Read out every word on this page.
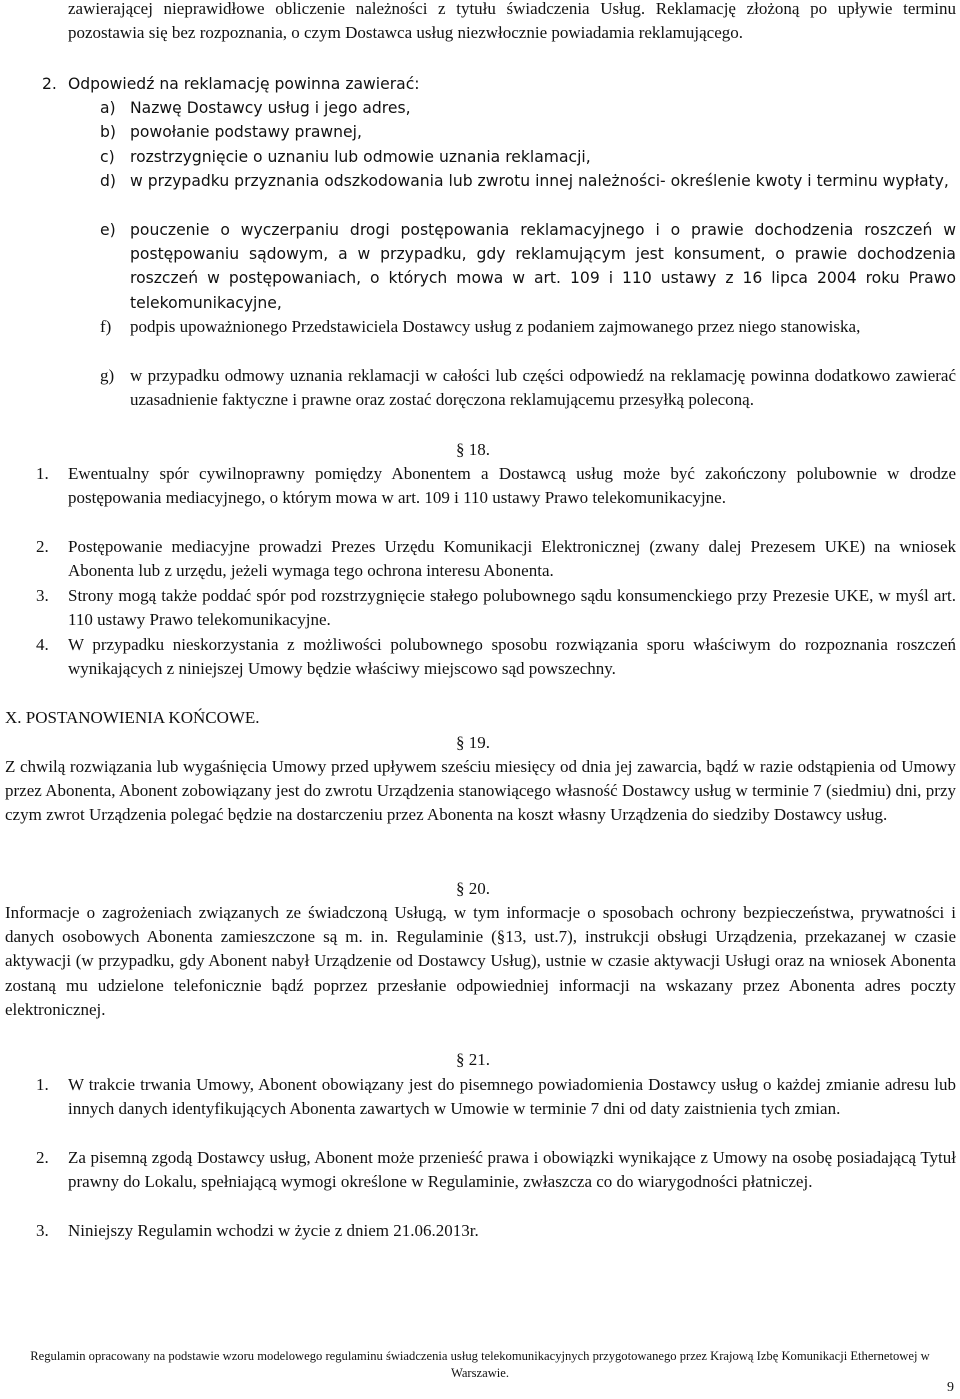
zawierającej nieprawidłowe obliczenie należności z tytułu świadczenia Usług. Reklamację złożoną po upływie terminu pozostawia się bez rozpoznania, o czym Dostawca usług niezwłocznie powiadamia reklamującego.

2. Odpowiedź na reklamację powinna zawierać:

a) Nazwę Dostawcy usług i jego adres,

b) powołanie podstawy prawnej,

c) rozstrzygnięcie o uznaniu lub odmowie uznania reklamacji,

d) w przypadku przyznania odszkodowania lub zwrotu innej należności- określenie kwoty i terminu wypłaty,

e) pouczenie o wyczerpaniu drogi postępowania reklamacyjnego i o prawie dochodzenia roszczeń w postępowaniu sądowym, a w przypadku, gdy reklamującym jest konsument, o prawie dochodzenia roszczeń w postępowaniach, o których mowa w art. 109 i 110 ustawy z 16 lipca 2004 roku Prawo telekomunikacyjne,

f) podpis upoważnionego Przedstawiciela Dostawcy usług z podaniem zajmowanego przez niego stanowiska,

g) w przypadku odmowy uznania reklamacji w całości lub części odpowiedź na reklamację powinna dodatkowo zawierać uzasadnienie faktyczne i prawne oraz zostać doręczona reklamującemu przesyłką poleconą.

§ 18.
1. Ewentualny spór cywilnoprawny pomiędzy Abonentem a Dostawcą usług może być zakończony polubownie w drodze postępowania mediacyjnego, o którym mowa w art. 109 i 110 ustawy Prawo telekomunikacyjne.

2. Postępowanie mediacyjne prowadzi Prezes Urzędu Komunikacji Elektronicznej (zwany dalej Prezesem UKE) na wniosek Abonenta lub z urzędu, jeżeli wymaga tego ochrona interesu Abonenta.

3. Strony mogą także poddać spór pod rozstrzygnięcie stałego polubownego sądu konsumenckiego przy Prezesie UKE, w myśl art. 110 ustawy Prawo telekomunikacyjne.

4. W przypadku nieskorzystania z możliwości polubownego sposobu rozwiązania sporu właściwym do rozpoznania roszczeń wynikających z niniejszej Umowy będzie właściwy miejscowo sąd powszechny.

X. POSTANOWIENIA KOŃCOWE.
§ 19.

Z chwilą rozwiązania lub wygaśnięcia Umowy przed upływem sześciu miesięcy od dnia jej zawarcia, bądź w razie odstąpienia od Umowy przez Abonenta, Abonent zobowiązany jest do zwrotu Urządzenia stanowiącego własność Dostawcy usług w terminie 7 (siedmiu) dni, przy czym zwrot Urządzenia polegać będzie na dostarczeniu przez Abonenta na koszt własny Urządzenia do siedziby Dostawcy usług.

§ 20.

Informacje o zagrożeniach związanych ze świadczoną Usługą, w tym informacje o sposobach ochrony bezpieczeństwa, prywatności i danych osobowych Abonenta zamieszczone są m. in. Regulaminie (§13, ust.7), instrukcji obsługi Urządzenia, przekazanej w czasie aktywacji (w przypadku, gdy Abonent nabył Urządzenie od Dostawcy Usług), ustnie w czasie aktywacji Usługi oraz na wniosek Abonenta zostaną mu udzielone telefonicznie bądź poprzez przesłanie odpowiedniej informacji na wskazany przez Abonenta adres poczty elektronicznej.

§ 21.
1. W trakcie trwania Umowy, Abonent obowiązany jest do pisemnego powiadomienia Dostawcy usług o każdej zmianie adresu lub innych danych identyfikujących Abonenta zawartych w Umowie w terminie 7 dni od daty zaistnienia tych zmian.

2. Za pisemną zgodą Dostawcy usług, Abonent może przenieść prawa i obowiązki wynikające z Umowy na osobę posiadającą Tytuł prawny do Lokalu, spełniającą wymogi określone w Regulaminie, zwłaszcza co do wiarygodności płatniczej.

3. Niniejszy Regulamin wchodzi w życie z dniem 21.06.2013r.

Regulamin opracowany na podstawie wzoru modelowego regulaminu świadczenia usług telekomunikacyjnych przygotowanego przez Krajową Izbę Komunikacji Ethernetowej w Warszawie.
9
